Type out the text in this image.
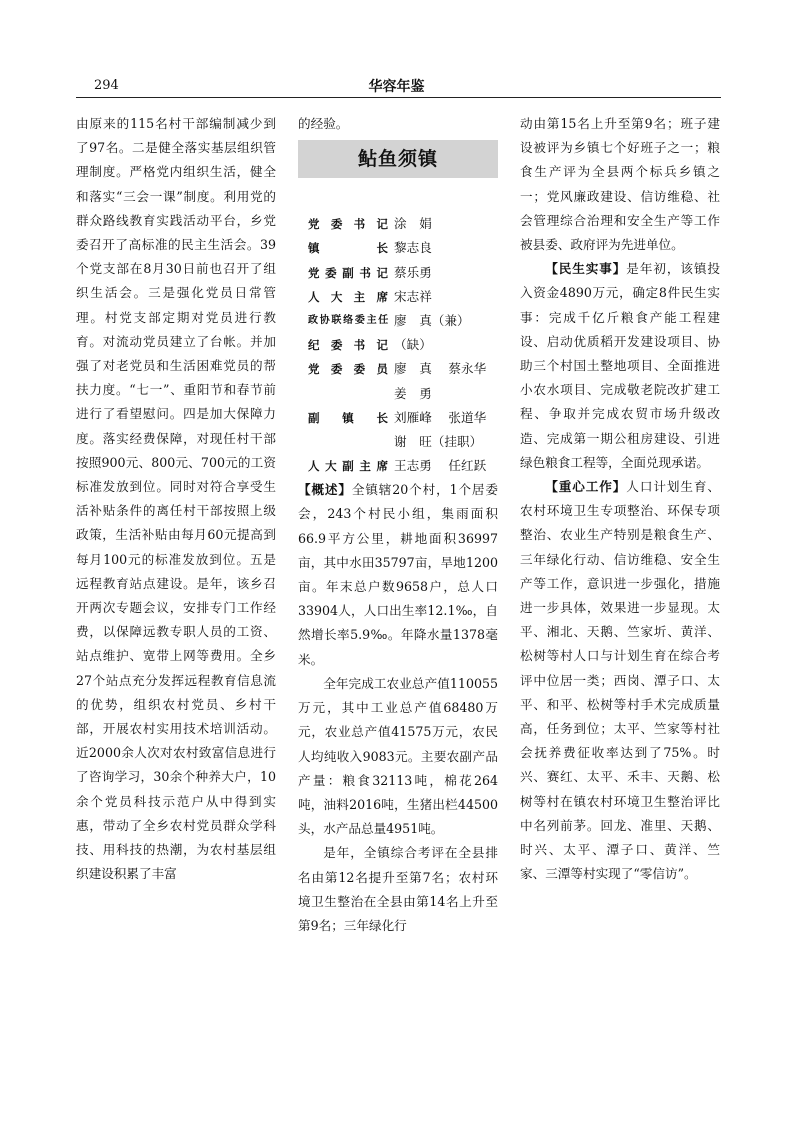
294	华容年鉴

由原来的115名村干部编制减少到了97名。二是健全落实基层组织管理制度。严格党内组织生活，健全和落实“三会一课”制度。利用党的群众路线教育实践活动平台，乡党委召开了高标准的民主生活会。39个党支部在8月30日前也召开了组织生活会。三是强化党员日常管理。村党支部定期对党员进行教育。对流动党员建立了台帐。并加强了对老党员和生活困难党员的帮扶力度。“七一”、重阳节和春节前进行了看望慰问。四是加大保障力度。落实经费保障，对现任村干部按照900元、800元、700元的工资标准发放到位。同时对符合享受生活补贴条件的离任村干部按照上级政策，生活补贴由每月60元提高到每月100元的标准发放到位。五是远程教育站点建设。是年，该乡召开两次专题会议，安排专门工作经费，以保障远教专职人员的工资、站点维护、宽带上网等费用。全乡27个站点充分发挥远程教育信息流的优势，组织农村党员、乡村干部，开展农村实用技术培训活动。近2000余人次对农村致富信息进行了咨询学习，30余个种养大户，10余个党员科技示范户从中得到实惠，带动了全乡农村党员群众学科技、用科技的热潮，为农村基层组织建设积累了丰富

的经验。

鲇鱼须镇
党委书记 涂　娟
镇　　长 黎志良
党委副书记 蔡乐勇
人大主席 宋志祥
政协联络委主任 廖　真（兼）
纪委书记 （缺）
党委委员 廖　真　 蔡永华
姜　勇
副 镇 长 刘雁峰　 张道华
谢　旺（挂职）
人大副主席 王志勇　 任红跃

【概述】全镇辖20个村，1个居委会，243个村民小组，集雨面积66.9平方公里，耕地面积36997亩，其中水田35797亩，旱地1200亩。年末总户数9658户，总人口33904人，人口出生率12.1‰，自然增长率5.9‰。年降水量1378毫米。

全年完成工农业总产值110055万元，其中工业总产值68480万元，农业总产值41575万元，农民人均纯收入9083元。主要农副产品产量：粮食32113吨，棉花264吨，油料2016吨，生猪出栏44500头，水产品总量4951吨。

是年，全镇综合考评在全县排名由第12名提升至第7名；农村环境卫生整治在全县由第14名上升至第9名；三年绿化行

动由第15名上升至第9名；班子建设被评为乡镇七个好班子之一；粮食生产评为全县两个标兵乡镇之一；党风廉政建设、信访维稳、社会管理综合治理和安全生产等工作被县委、政府评为先进单位。

【民生实事】是年初，该镇投入资金4890万元，确定8件民生实事：完成千亿斤粮食产能工程建设、启动优质稻开发建设项目、协助三个村国土整地项目、全面推进小农水项目、完成敬老院改扩建工程、争取并完成农贸市场升级改造、完成第一期公租房建设、引进绿色粮食工程等，全面兑现承诺。

【重心工作】人口计划生育、农村环境卫生专项整治、环保专项整治、农业生产特别是粮食生产、三年绿化行动、信访维稳、安全生产等工作，意识进一步强化，措施进一步具体，效果进一步显现。太平、湘北、天鹅、竺家圻、黄洋、松树等村人口与计划生育在综合考评中位居一类；西岗、潭子口、太平、和平、松树等村手术完成质量高，任务到位；太平、竺家等村社会抚养费征收率达到了75%。时兴、赛红、太平、禾丰、天鹅、松树等村在镇农村环境卫生整治评比中名列前茅。回龙、准里、天鹅、时兴、太平、潭子口、黄洋、竺家、三潭等村实现了“零信访”。
